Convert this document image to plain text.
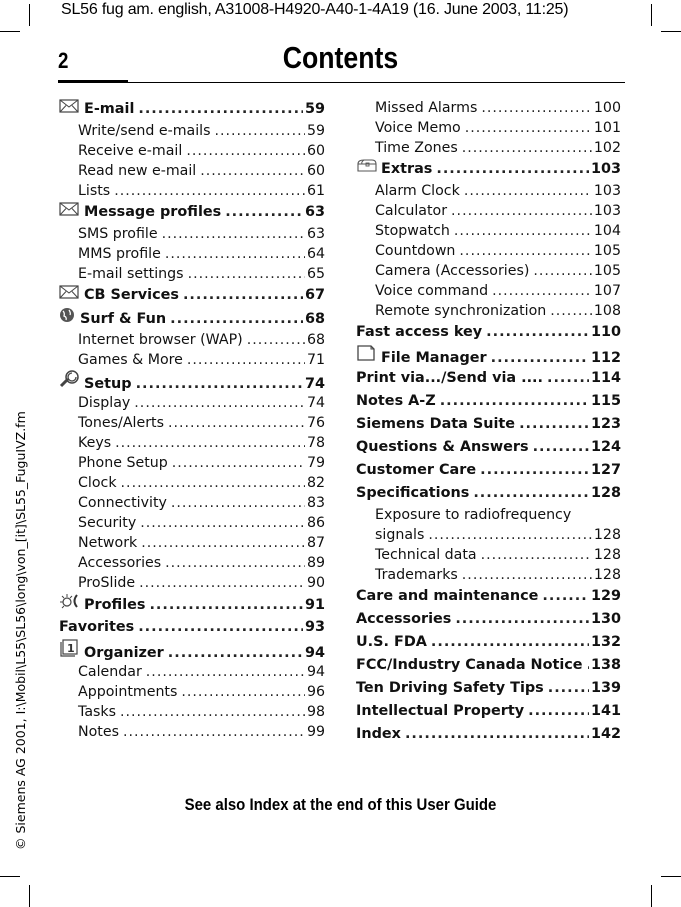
SL56 fug am. english, A31008-H4920-A40-1-4A19 (16. June 2003, 11:25)
2	Contents
© Siemens AG 2001, I:\Mobil\L55\SL56\long\von_[it]\SL55_FuguIVZ.fm
E-mail .....	59
Write/send e-mails .....	59
Receive e-mail .....	60
Read new e-mail .....	60
Lists .....	61
Message profiles .....	63
SMS profile .....	63
MMS profile .....	64
E-mail settings .....	65
CB Services .....	67
Surf & Fun .....	68
Internet browser (WAP) .....	68
Games & More .....	71
Setup .....	74
Display .....	74
Tones/Alerts .....	76
Keys .....	78
Phone Setup .....	79
Clock .....	82
Connectivity .....	83
Security .....	86
Network .....	87
Accessories .....	89
ProSlide .....	90
Profiles .....	91
Favorites .....	93
1 Organizer .....	94
Calendar .....	94
Appointments .....	96
Tasks .....	98
Notes .....	99
Missed Alarms .....	100
Voice Memo .....	101
Time Zones .....	102
Extras .....	103
Alarm Clock .....	103
Calculator .....	103
Stopwatch .....	104
Countdown .....	105
Camera (Accessories) .....	105
Voice command .....	107
Remote synchronization .....	108
Fast access key .....	110
File Manager .....	112
Print via.../Send via .... .....	114
Notes A-Z .....	115
Siemens Data Suite .....	123
Questions & Answers .....	124
Customer Care .....	127
Specifications .....	128
Exposure to radiofrequency
signals .....	128
Technical data .....	128
Trademarks .....	128
Care and maintenance .....	129
Accessories .....	130
U.S. FDA .....	132
FCC/Industry Canada Notice ..... 138
Ten Driving Safety Tips .....	139
Intellectual Property .....	141
Index .....	142
See also Index at the end of this User Guide
